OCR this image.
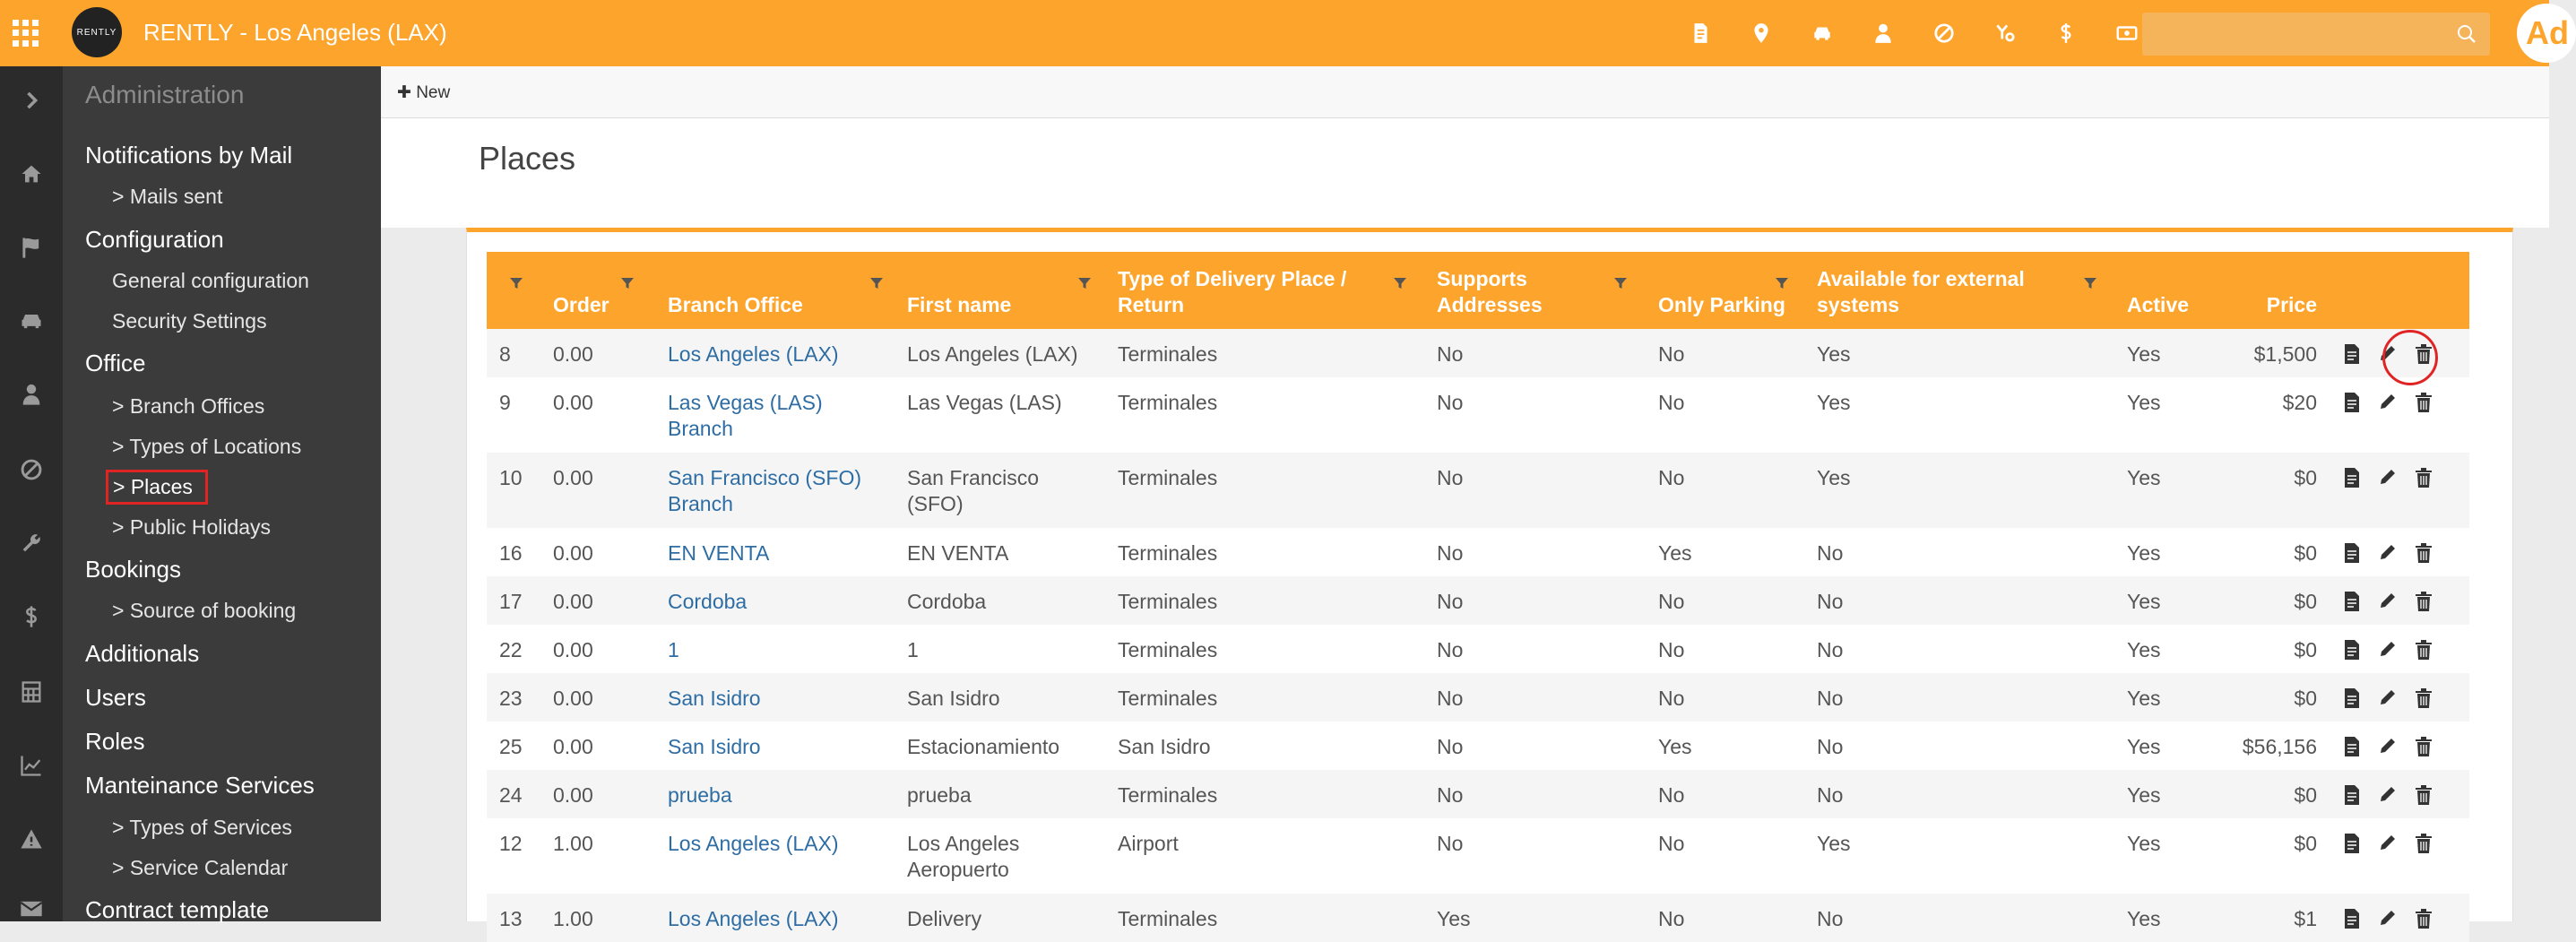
RENTLY RENTLY - Los Angeles (LAX)	Ad
Administration
Notifications by Mail
> Mails sent
Configuration
General configuration
Security Settings
Office
> Branch Offices
> Types of Locations
> Places
> Public Holidays
Bookings
> Source of booking
Additionals
Users
Roles
Manteinance Services
> Types of Services
> Service Calendar
Contract template
✚ New
Places

Order	Branch Office	First name	Type of Delivery Place / Return	Supports Addresses	Only Parking	Available for external systems	Active	Price	
8	0.00	Los Angeles (LAX)	Los Angeles (LAX)	Terminales	No	No	Yes	Yes	$1,500	

9	0.00	Las Vegas (LAS) Branch	Las Vegas (LAS)	Terminales	No	No	Yes	Yes	$20	

10	0.00	San Francisco (SFO) Branch	San Francisco (SFO)	Terminales	No	No	Yes	Yes	$0	

16	0.00	EN VENTA	EN VENTA	Terminales	No	Yes	No	Yes	$0	

17	0.00	Cordoba	Cordoba	Terminales	No	No	No	Yes	$0	

22	0.00	1	1	Terminales	No	No	No	Yes	$0	

23	0.00	San Isidro	San Isidro	Terminales	No	No	No	Yes	$0	

25	0.00	San Isidro	Estacionamiento	San Isidro	No	Yes	No	Yes	$56,156	

24	0.00	prueba	prueba	Terminales	No	No	No	Yes	$0	

12	1.00	Los Angeles (LAX)	Los Angeles Aeropuerto	Airport	No	No	Yes	Yes	$0	

13	1.00	Los Angeles (LAX)	Delivery	Terminales	Yes	No	No	Yes	$1	
